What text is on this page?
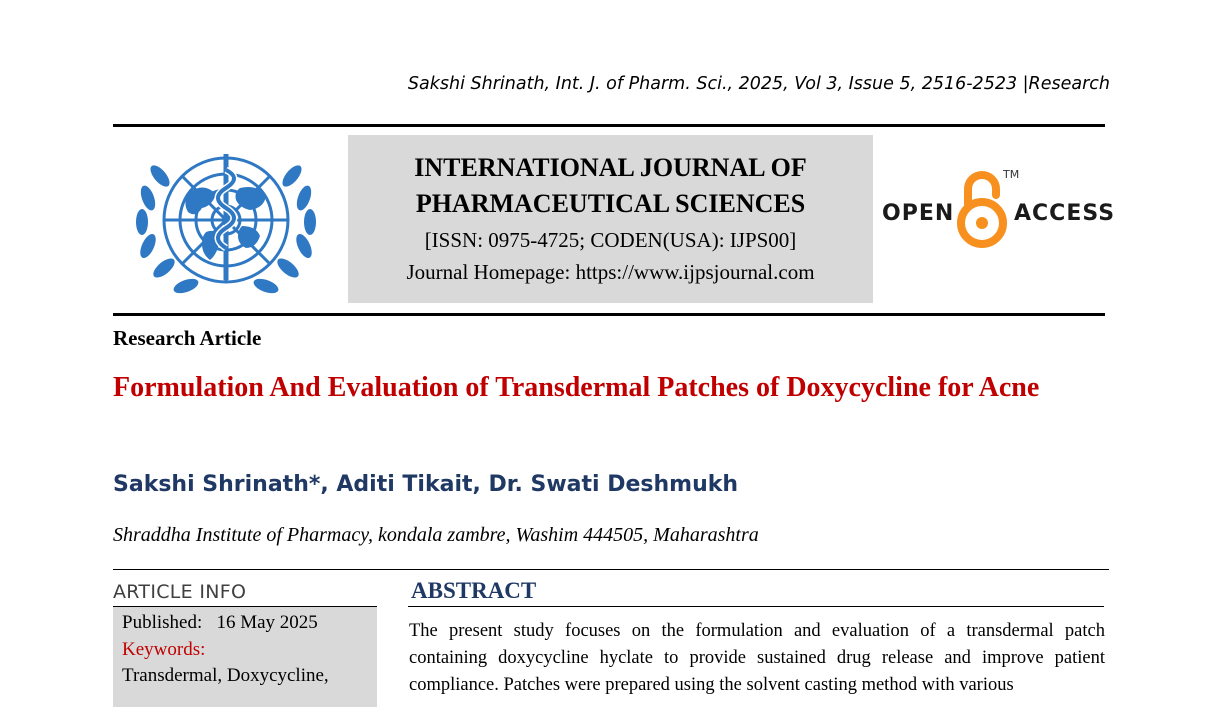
Sakshi Shrinath, Int. J. of Pharm. Sci., 2025, Vol 3, Issue 5, 2516-2523 |Research
INTERNATIONAL JOURNAL OF
PHARMACEUTICAL SCIENCES
[ISSN: 0975-4725; CODEN(USA): IJPS00]
Journal Homepage: https://www.ijpsjournal.com
OPEN
TM
ACCESS
Research Article
Formulation And Evaluation of Transdermal Patches of Doxycycline for Acne
Sakshi Shrinath*, Aditi Tikait, Dr. Swati Deshmukh
Shraddha Institute of Pharmacy, kondala zambre, Washim 444505, Maharashtra
ARTICLE INFO
Published:   16 May 2025
Keywords:
Transdermal, Doxycycline,
ABSTRACT
The present study focuses on the formulation and evaluation of a transdermal patch containing doxycycline hyclate to provide sustained drug release and improve patient compliance. Patches were prepared using the solvent casting method with various
